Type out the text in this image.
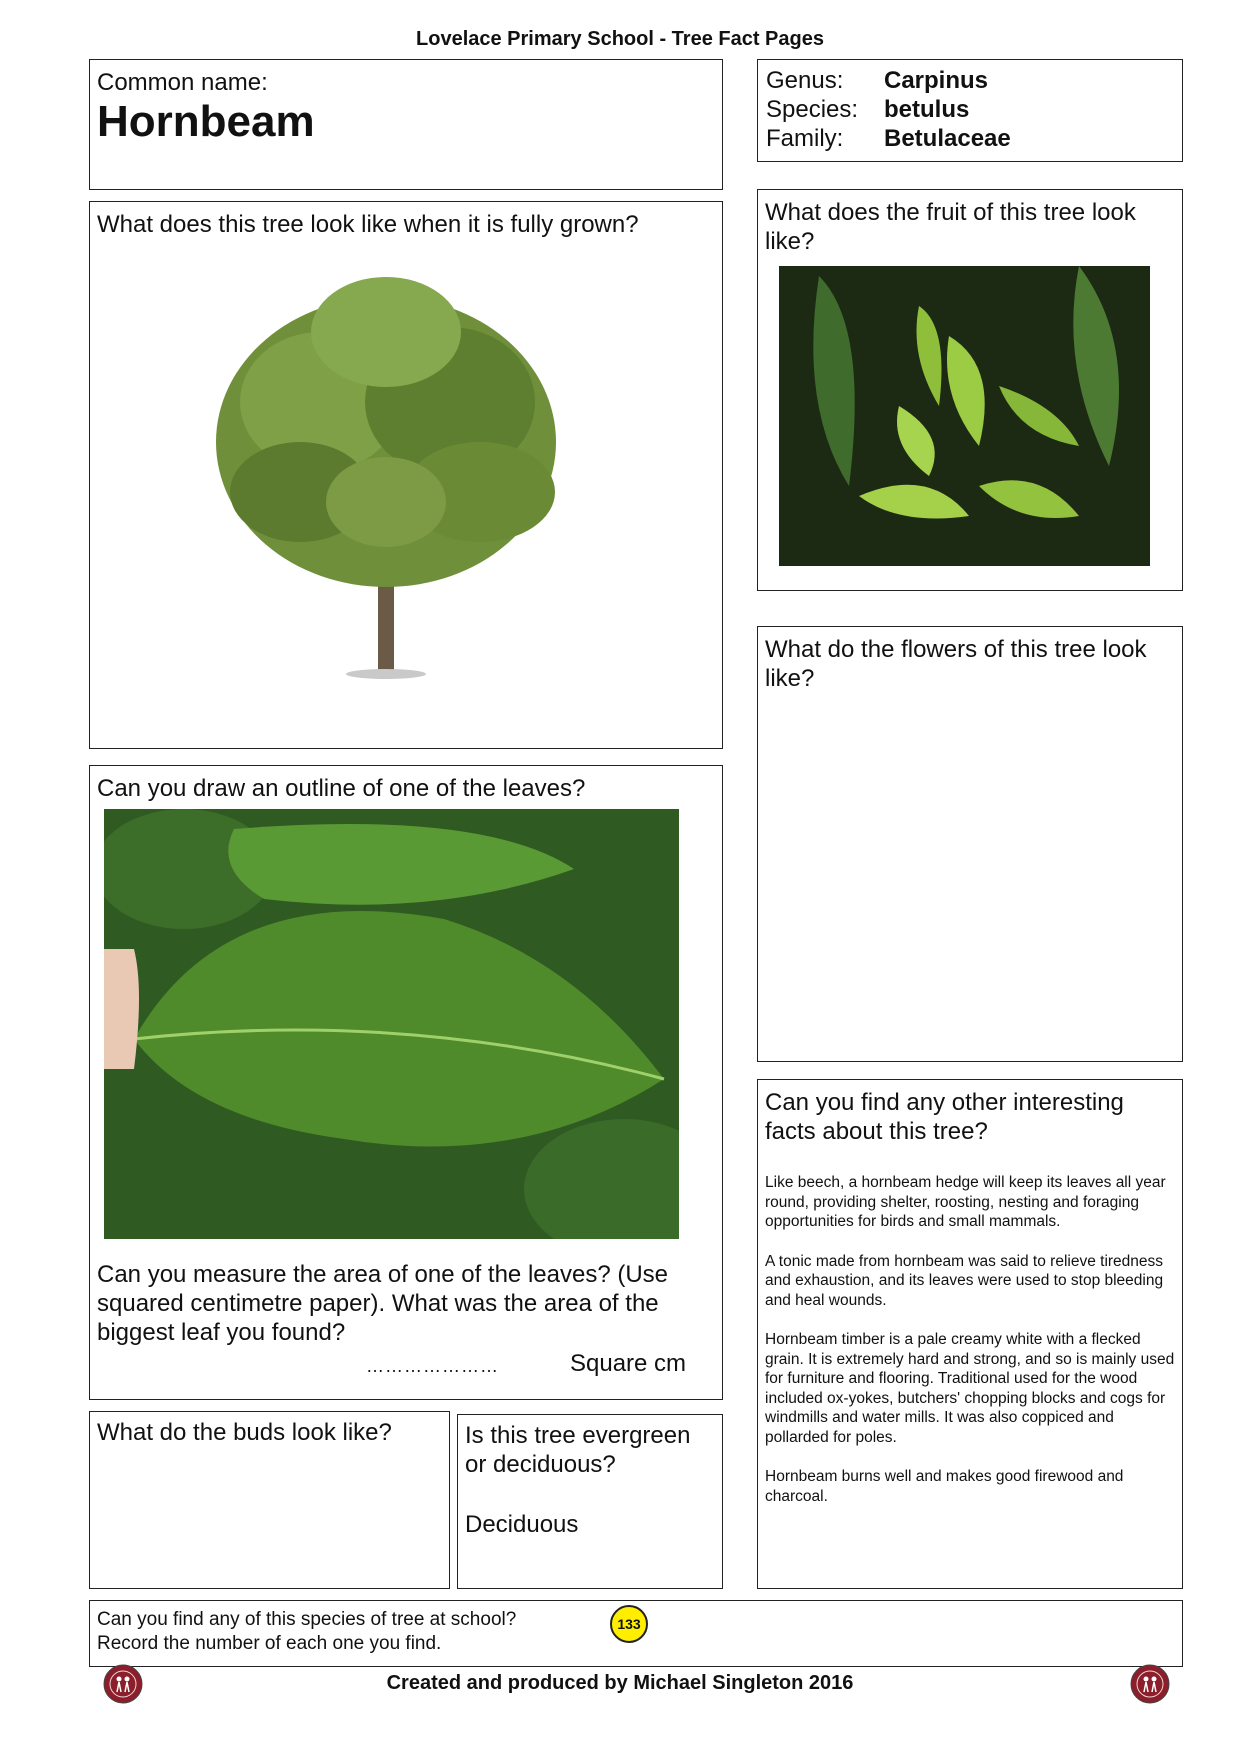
Lovelace Primary School - Tree Fact Pages
Common name:
Hornbeam
Genus: Carpinus
Species: betulus
Family: Betulaceae
What does this tree look like when it is fully grown?	What does the fruit of this tree look like?
What do the flowers of this tree look like?
Can you draw an outline of one of the leaves?
Can you measure the area of one of the leaves? (Use squared centimetre paper). What was the area of the biggest leaf you found?
…………………	Square cm
Can you find any other interesting facts about this tree?

Like beech, a hornbeam hedge will keep its leaves all year round, providing shelter, roosting, nesting and foraging opportunities for birds and small mammals.

A tonic made from hornbeam was said to relieve tiredness and exhaustion, and its leaves were used to stop bleeding and heal wounds.

Hornbeam timber is a pale creamy white with a flecked grain. It is extremely hard and strong, and so is mainly used for furniture and flooring. Traditional used for the wood included ox-yokes, butchers' chopping blocks and cogs for windmills and water mills. It was also coppiced and pollarded for poles.

Hornbeam burns well and makes good firewood and charcoal.

What do the buds look like?	Is this tree evergreen or deciduous?
Deciduous
Can you find any of this species of tree at school?
Record the number of each one you find.
133
Created and produced by Michael Singleton 2016
